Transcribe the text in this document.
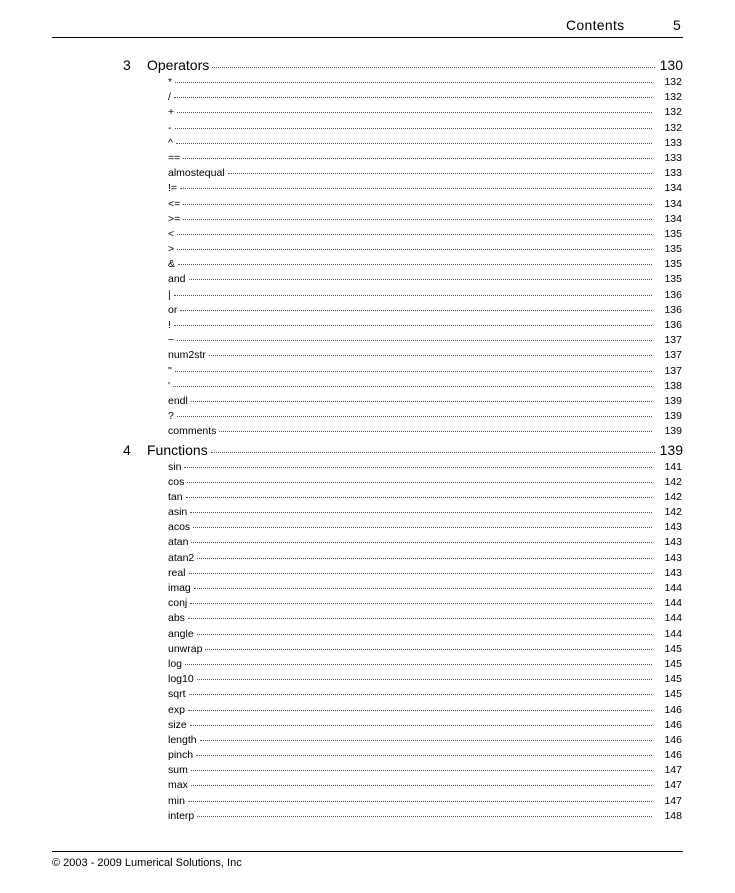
Contents	5
3	Operators	130
*	132
/	132
+	132
-	132
^	133
==	133
almostequal	133
!=	134
<=	134
>=	134
<	135
>	135
&	135
and	135
|	136
or	136
!	136
~	137
num2str	137
"	137
'	138
endl	139
?	139
comments	139
4	Functions	139
sin	141
cos	142
tan	142
asin	142
acos	143
atan	143
atan2	143
real	143
imag	144
conj	144
abs	144
angle	144
unwrap	145
log	145
log10	145
sqrt	145
exp	146
size	146
length	146
pinch	146
sum	147
max	147
min	147
interp	148
© 2003 - 2009 Lumerical Solutions, Inc
